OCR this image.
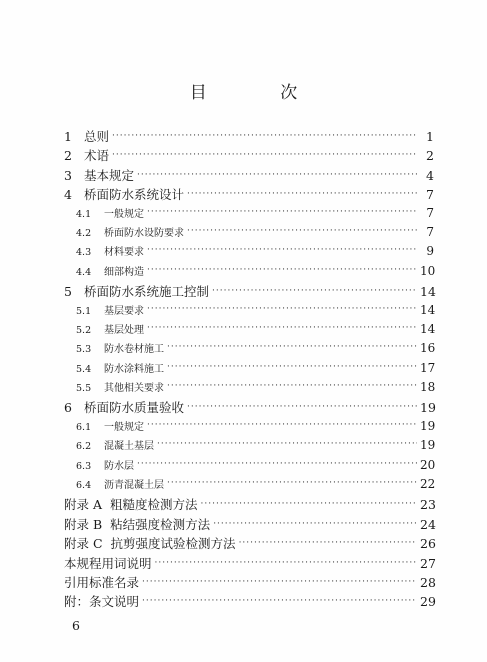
目 次
1 总则 ·····	1
2 术语 ·····	2
3 基本规定 ·····	4
4 桥面防水系统设计 ·····	7
4.1	一般规定 ·····	7
4.2	桥面防水设防要求 ·····	7
4.3	材料要求 ·····	9
4.4	细部构造 ·····	10
5 桥面防水系统施工控制 ·····	14
5.1	基层要求 ·····	14
5.2	基层处理 ·····	14
5.3	防水卷材施工 ·····	16
5.4	防水涂料施工 ·····	17
5.5	其他相关要求 ·····	18
6 桥面防水质量验收 ·····	19
6.1	一般规定 ·····	19
6.2	混凝土基层 ·····	19
6.3	防水层 ·····	20
6.4	沥青混凝土层 ·····	22
附录 A 粗糙度检测方法 ·····	23
附录 B 粘结强度检测方法 ·····	24
附录 C 抗剪强度试验检测方法 ·····	26
本规程用词说明 ·····	27
引用标准名录 ·····	28
附：条文说明 ·····	29
6
